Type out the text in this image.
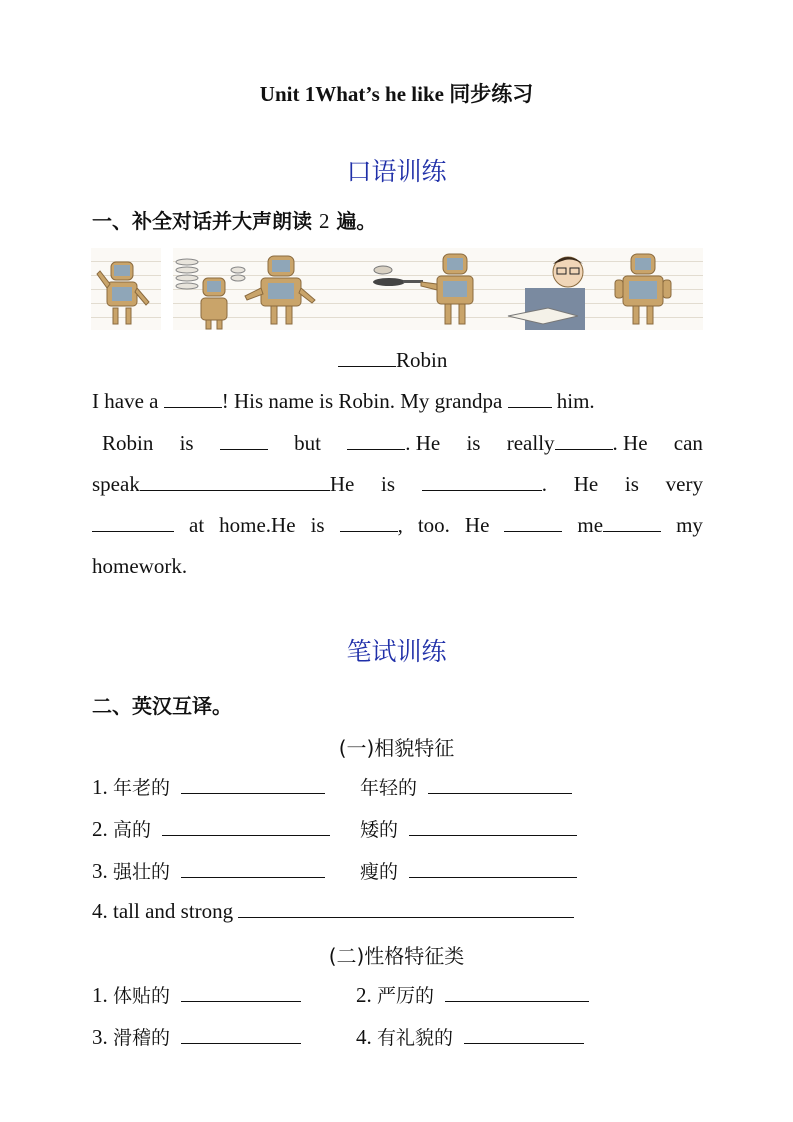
Unit 1What’s he like 同步练习
口语训练
一、补全对话并大声朗读 2 遍。
Robin
I have a	! His name is Robin. My grandpa	him.
Robin is	but	. He is really	. He can
speak	He is	. He is very
at home.He is	, too. He	me	my
homework.
笔试训练
二、英汉互译。
(一)相貌特征
1. 年老的	年轻的
2. 高的	矮的
3. 强壮的	瘦的
4. tall and strong
(二)性格特征类
1. 体贴的	2. 严厉的
3. 滑稽的	4. 有礼貌的
